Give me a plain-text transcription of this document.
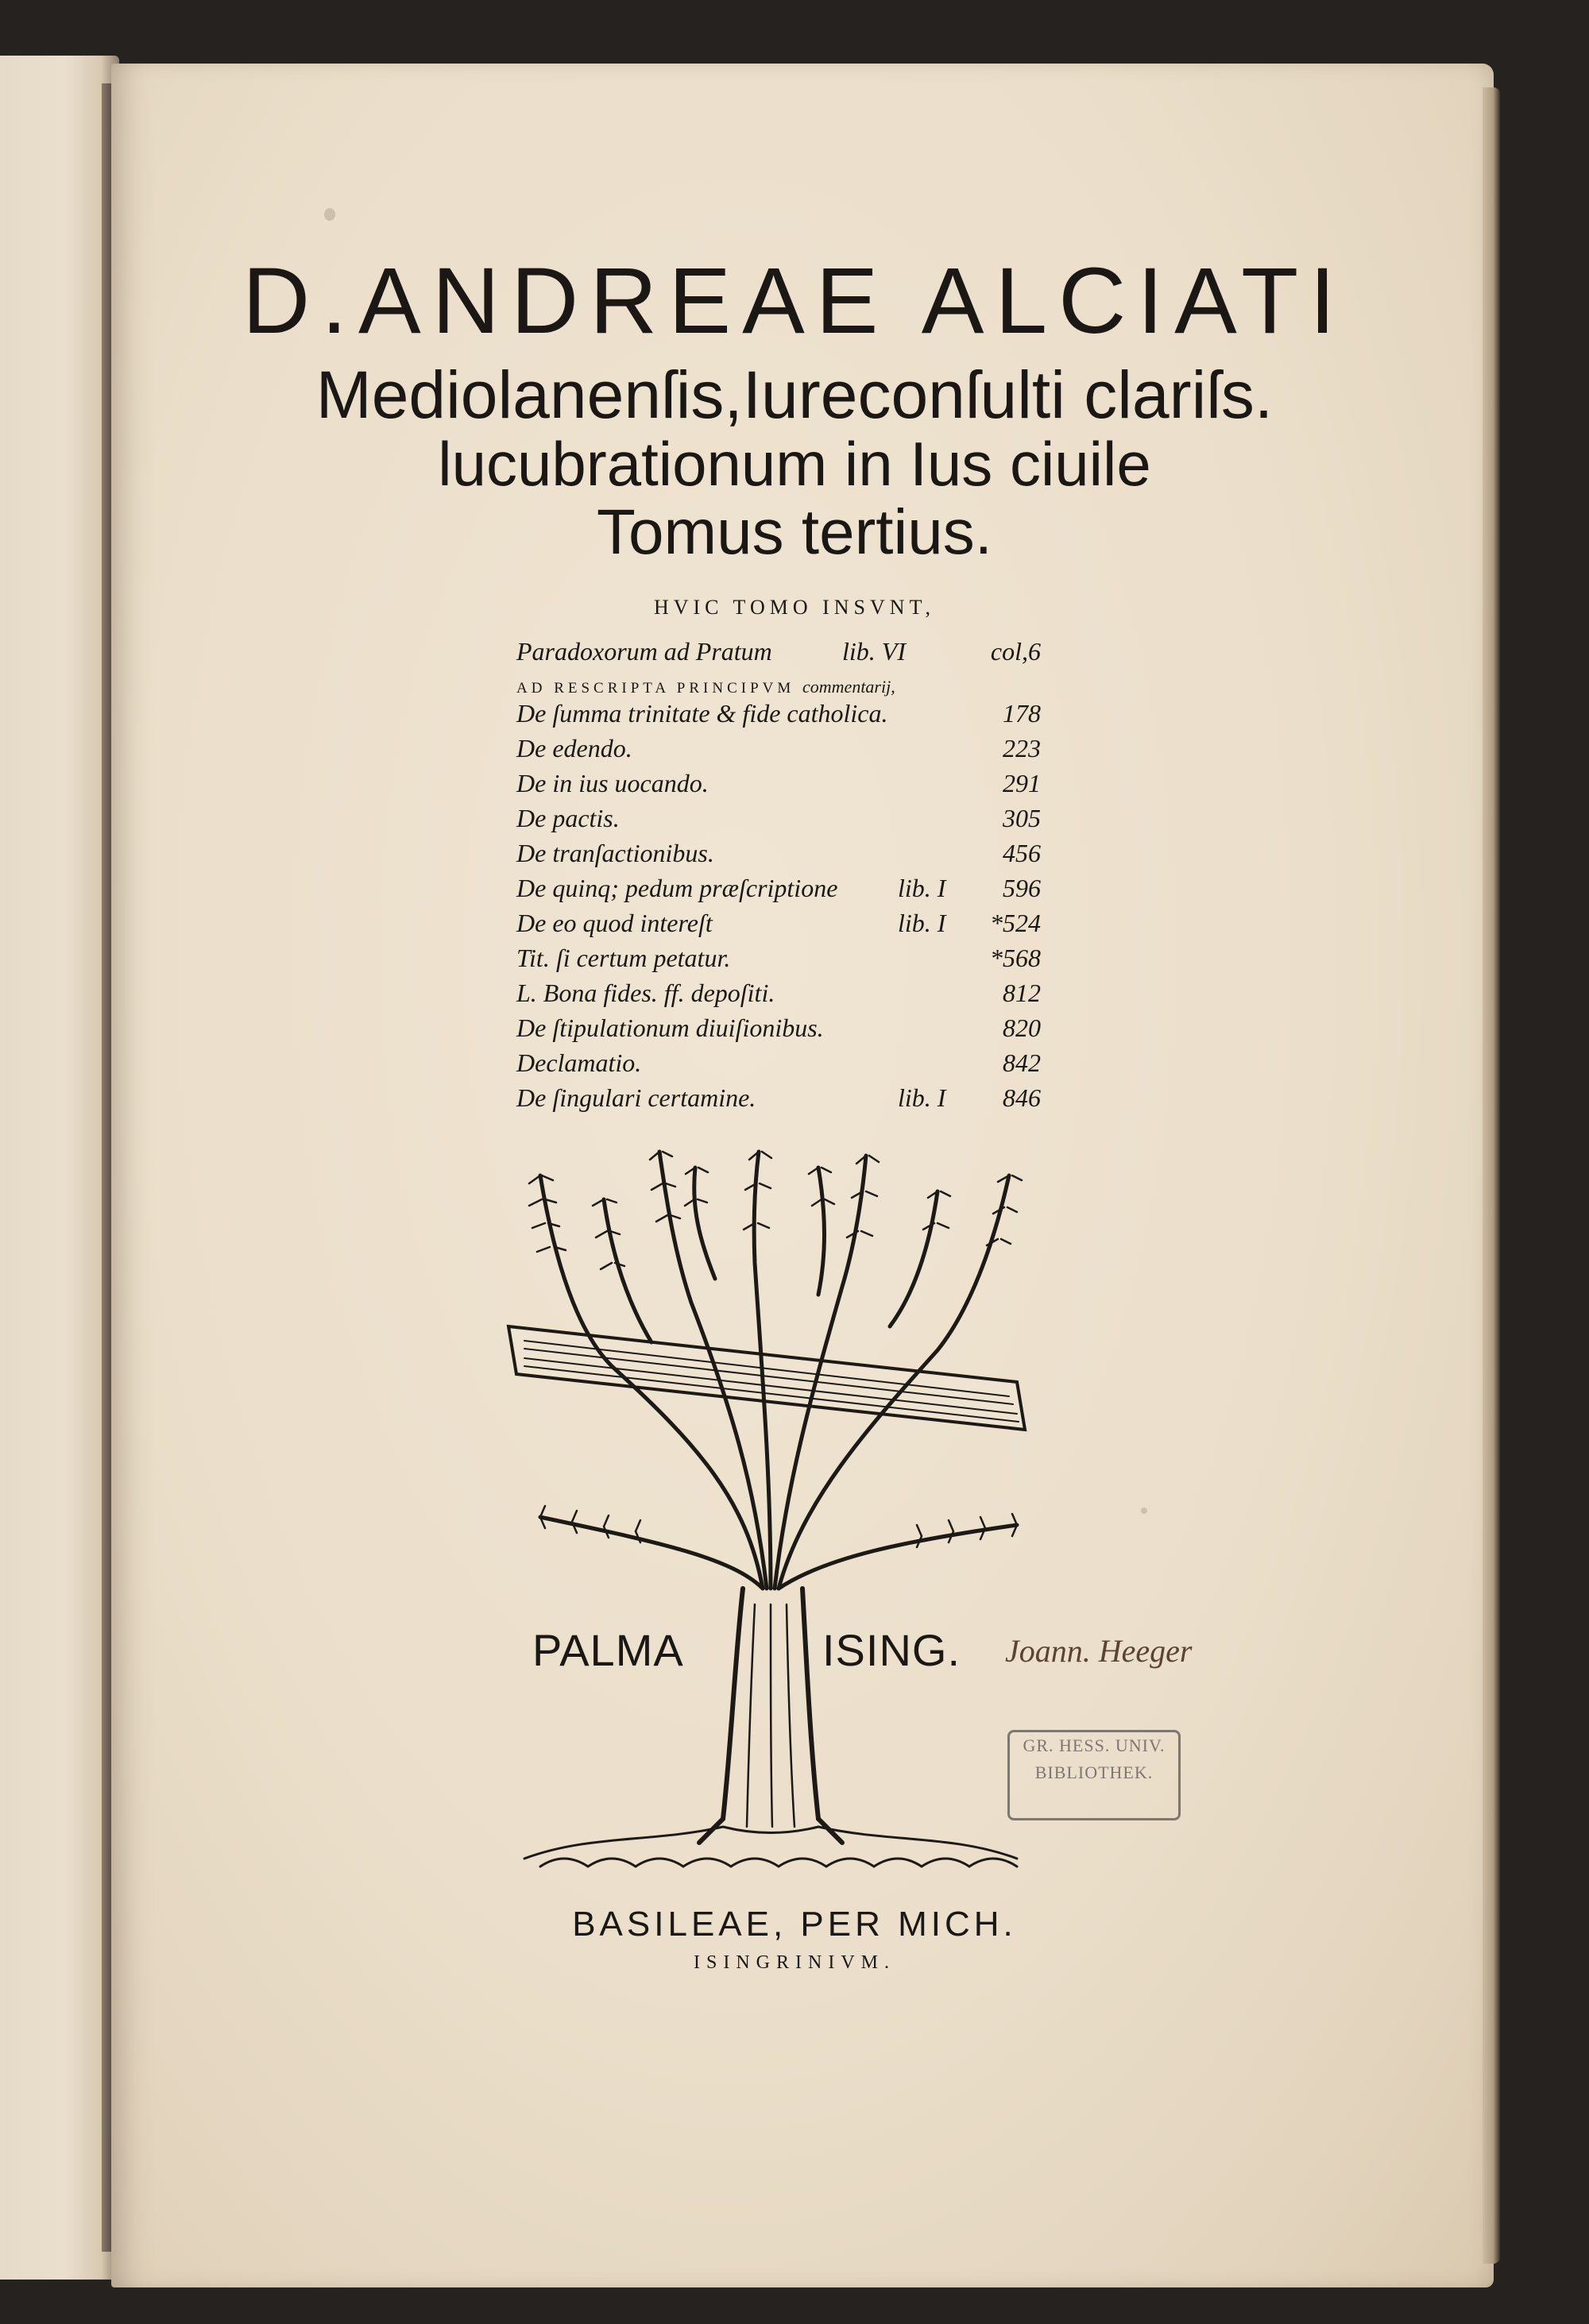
D.ANDREAE ALCIATI
Mediolanenſis,Iureconſulti clariſs.
lucubrationum in Ius ciuile
Tomus tertius.
HVIC TOMO INSVNT,
Paradoxorum ad Pratum	lib. VI	col,6
AD RESCRIPTA PRINCIPVM commentarij,
De ſumma trinitate & fide catholica.	178
De edendo.	223
De in ius uocando.	291
De pactis.	305
De tranſactionibus.	456
De quinq; pedum præſcriptione lib. I 596
De eo quod intereſt	lib. I *524
Tit. ſi certum petatur.	*568
L. Bona fides. ff. depoſiti.	812
De ſtipulationum diuiſionibus.	820
Declamatio.	842
De ſingulari certamine.	lib. I 846
PALMA	ISING. Joann. Heeger
GR. HESS. UNIV.
BIBLIOTHEK.
BASILEAE, PER MICH.
ISINGRINIVM.
